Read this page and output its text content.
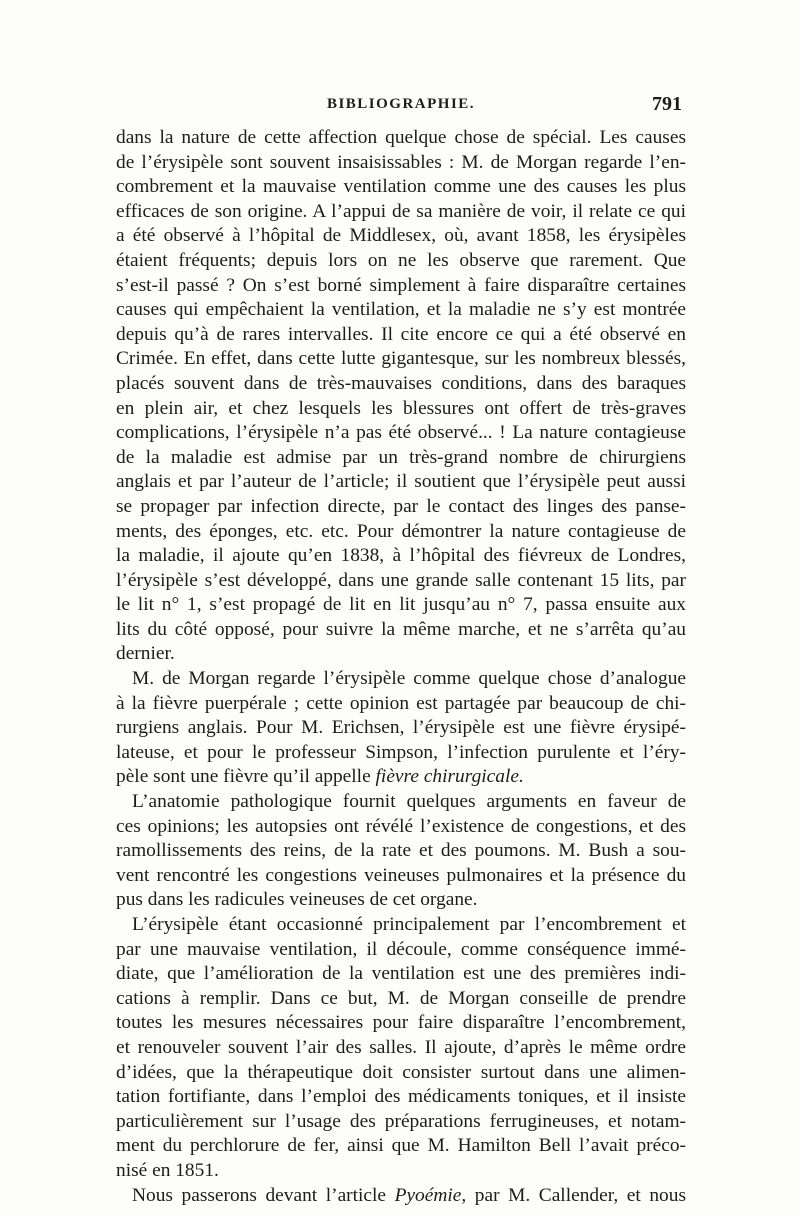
BIBLIOGRAPHIE.	791
dans la nature de cette affection quelque chose de spécial. Les causes
de l’érysipèle sont souvent insaisissables : M. de Morgan regarde l’en-
combrement et la mauvaise ventilation comme une des causes les plus
efficaces de son origine. A l’appui de sa manière de voir, il relate ce qui
a été observé à l’hôpital de Middlesex, où, avant 1858, les érysipèles
étaient fréquents; depuis lors on ne les observe que rarement. Que
s’est-il passé ? On s’est borné simplement à faire disparaître certaines
causes qui empêchaient la ventilation, et la maladie ne s’y est montrée
depuis qu’à de rares intervalles. Il cite encore ce qui a été observé en
Crimée. En effet, dans cette lutte gigantesque, sur les nombreux blessés,
placés souvent dans de très-mauvaises conditions, dans des baraques
en plein air, et chez lesquels les blessures ont offert de très-graves
complications, l’érysipèle n’a pas été observé... ! La nature contagieuse
de la maladie est admise par un très-grand nombre de chirurgiens
anglais et par l’auteur de l’article; il soutient que l’érysipèle peut aussi
se propager par infection directe, par le contact des linges des panse-
ments, des éponges, etc. etc. Pour démontrer la nature contagieuse de
la maladie, il ajoute qu’en 1838, à l’hôpital des fiévreux de Londres,
l’érysipèle s’est développé, dans une grande salle contenant 15 lits, par
le lit n° 1, s’est propagé de lit en lit jusqu’au n° 7, passa ensuite aux
lits du côté opposé, pour suivre la même marche, et ne s’arrêta qu’au
dernier.
M. de Morgan regarde l’érysipèle comme quelque chose d’analogue
à la fièvre puerpérale ; cette opinion est partagée par beaucoup de chi-
rurgiens anglais. Pour M. Erichsen, l’érysipèle est une fièvre érysipé-
lateuse, et pour le professeur Simpson, l’infection purulente et l’éry-
pèle sont une fièvre qu’il appelle fièvre chirurgicale.
L’anatomie pathologique fournit quelques arguments en faveur de
ces opinions; les autopsies ont révélé l’existence de congestions, et des
ramollissements des reins, de la rate et des poumons. M. Bush a sou-
vent rencontré les congestions veineuses pulmonaires et la présence du
pus dans les radicules veineuses de cet organe.
L’érysipèle étant occasionné principalement par l’encombrement et
par une mauvaise ventilation, il découle, comme conséquence immé-
diate, que l’amélioration de la ventilation est une des premières indi-
cations à remplir. Dans ce but, M. de Morgan conseille de prendre
toutes les mesures nécessaires pour faire disparaître l’encombrement,
et renouveler souvent l’air des salles. Il ajoute, d’après le même ordre
d’idées, que la thérapeutique doit consister surtout dans une alimen-
tation fortifiante, dans l’emploi des médicaments toniques, et il insiste
particulièrement sur l’usage des préparations ferrugineuses, et notam-
ment du perchlorure de fer, ainsi que M. Hamilton Bell l’avait préco-
nisé en 1851.
Nous passerons devant l’article Pyoémie, par M. Callender, et nous
